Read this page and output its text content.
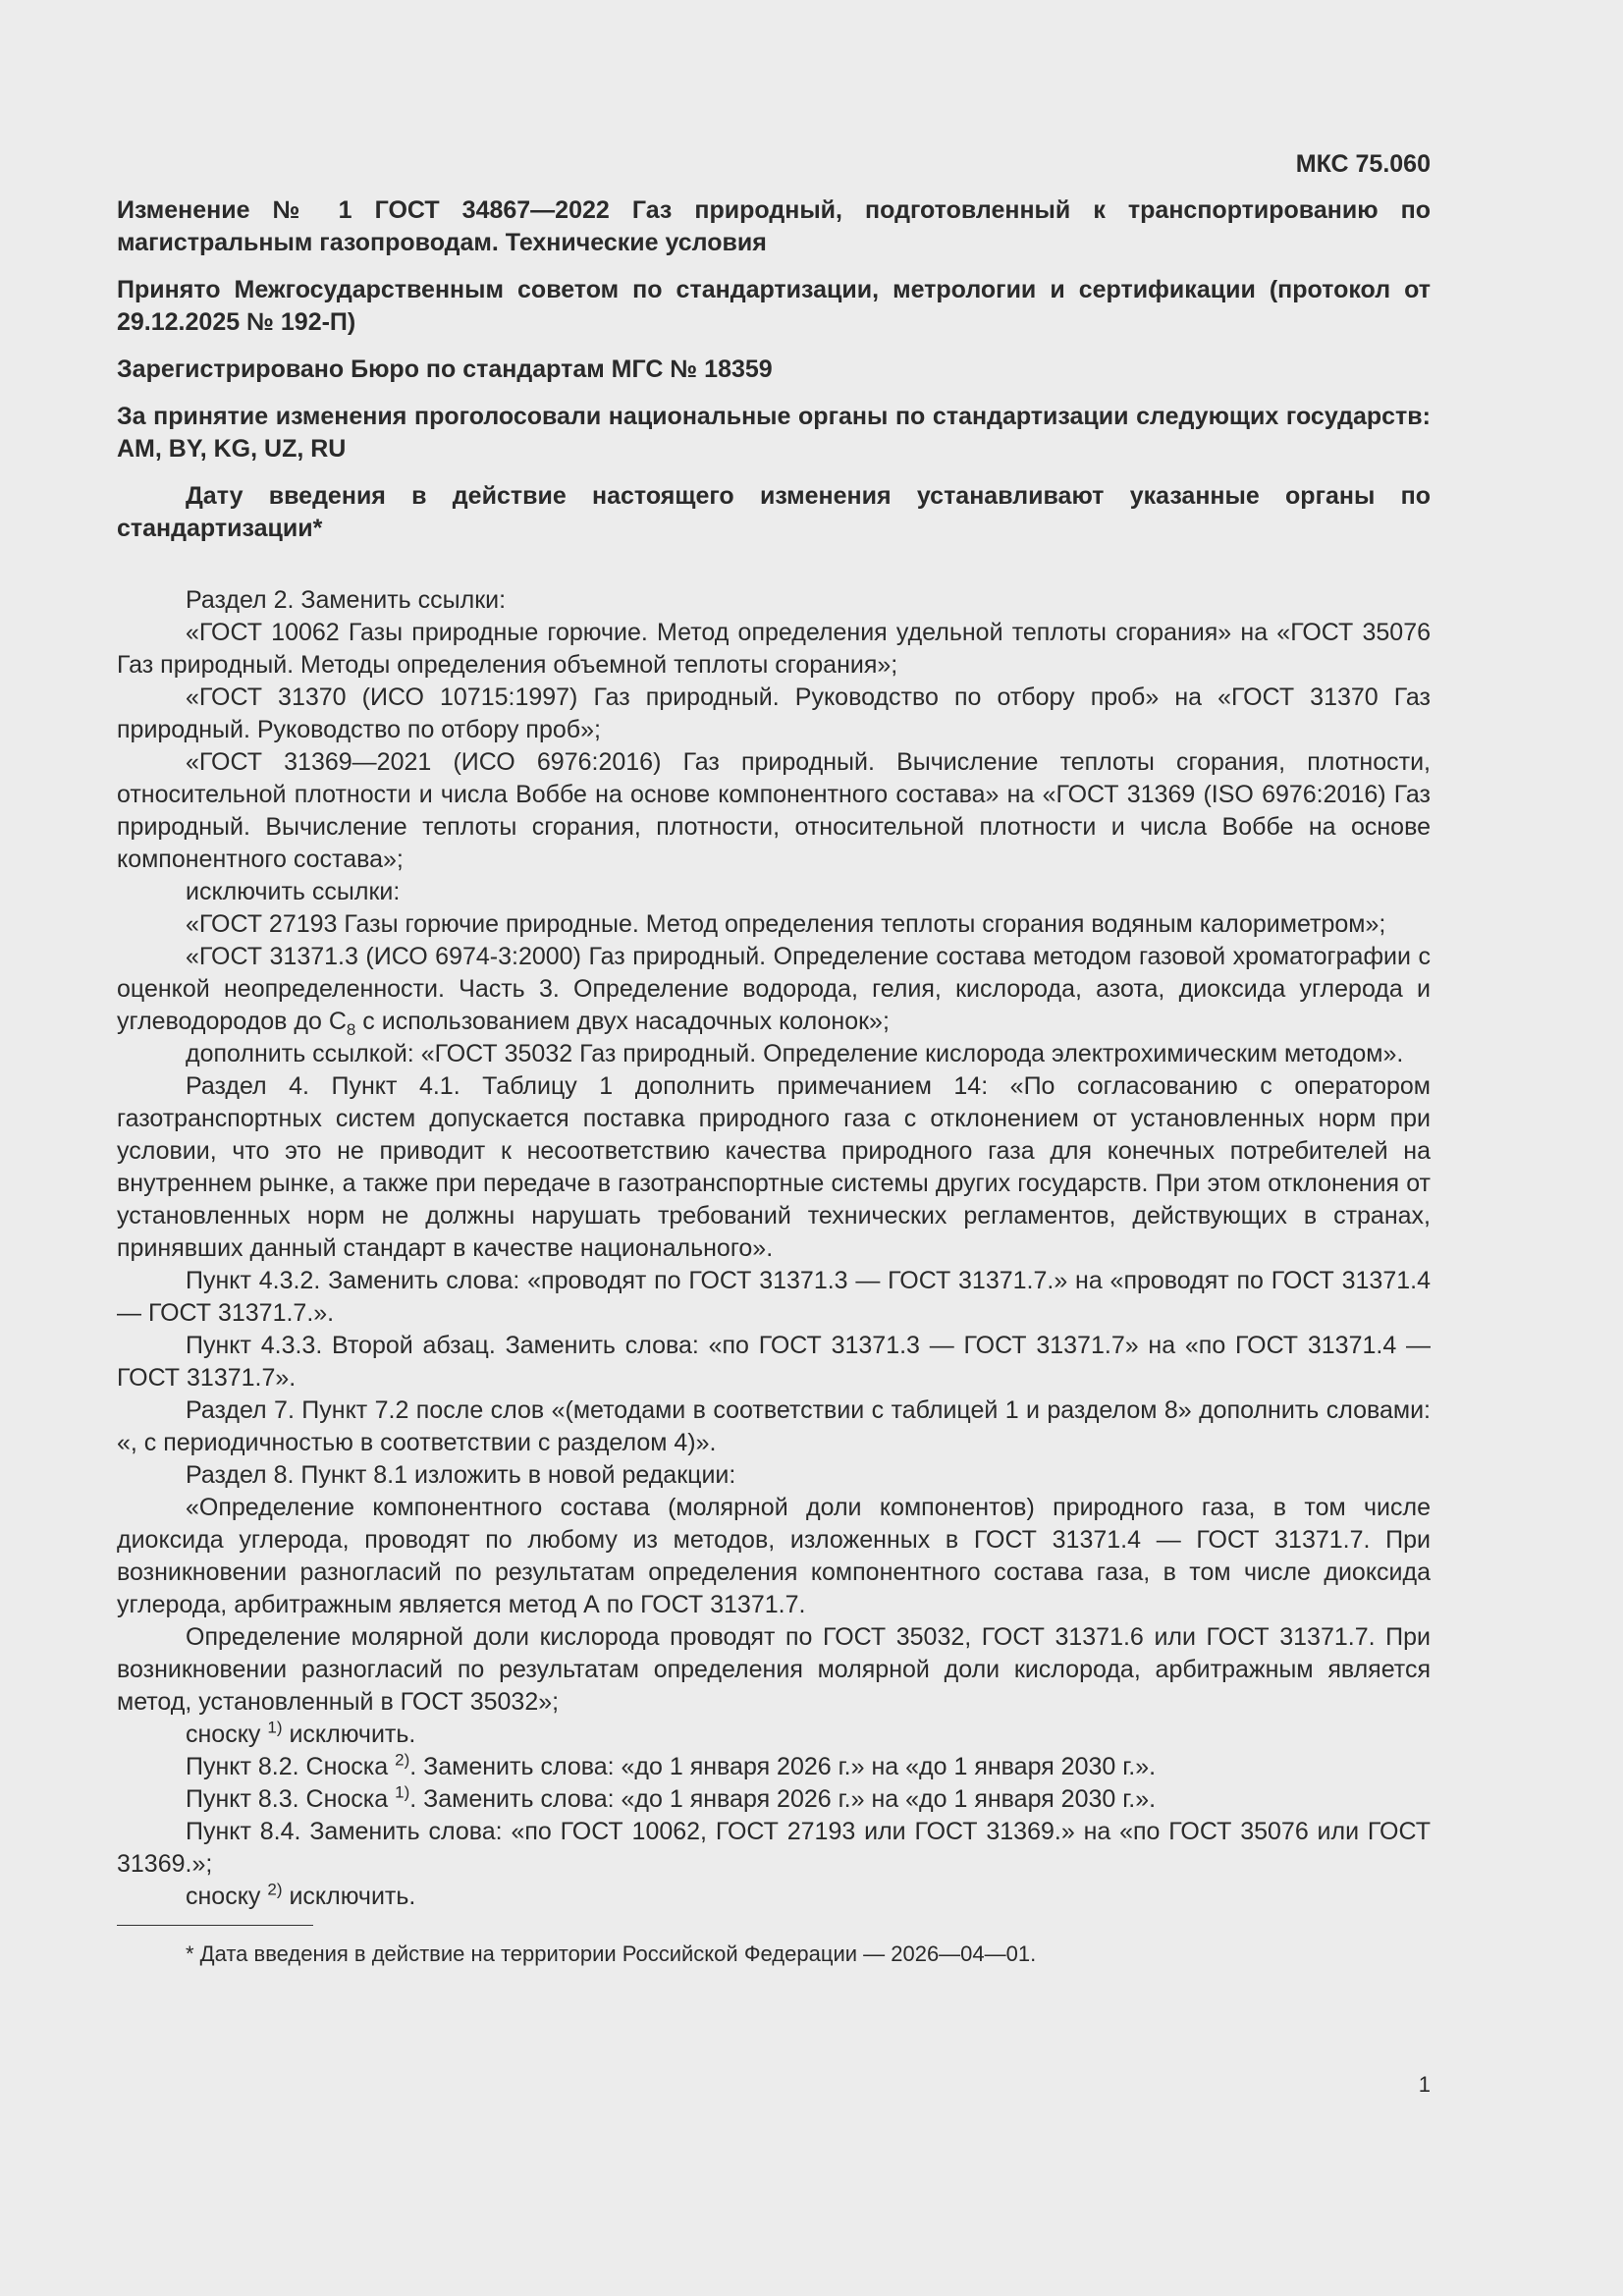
МКС 75.060

Изменение № 1 ГОСТ 34867—2022 Газ природный, подготовленный к транспортированию по магистральным газопроводам. Технические условия

Принято Межгосударственным советом по стандартизации, метрологии и сертификации (протокол от 29.12.2025 № 192-П)

Зарегистрировано Бюро по стандартам МГС № 18359

За принятие изменения проголосовали национальные органы по стандартизации следующих государств: AM, BY, KG, UZ, RU

Дату введения в действие настоящего изменения устанавливают указанные органы по стандартизации*

Раздел 2. Заменить ссылки:

«ГОСТ 10062 Газы природные горючие. Метод определения удельной теплоты сгорания» на «ГОСТ 35076 Газ природный. Методы определения объемной теплоты сгорания»;

«ГОСТ 31370 (ИСО 10715:1997) Газ природный. Руководство по отбору проб» на «ГОСТ 31370 Газ природный. Руководство по отбору проб»;

«ГОСТ 31369—2021 (ИСО 6976:2016) Газ природный. Вычисление теплоты сгорания, плотности, относительной плотности и числа Воббе на основе компонентного состава» на «ГОСТ 31369 (ISO 6976:2016) Газ природный. Вычисление теплоты сгорания, плотности, относительной плотности и числа Воббе на основе компонентного состава»;

исключить ссылки:

«ГОСТ 27193 Газы горючие природные. Метод определения теплоты сгорания водяным калориметром»;

«ГОСТ 31371.3 (ИСО 6974-3:2000) Газ природный. Определение состава методом газовой хроматографии с оценкой неопределенности. Часть 3. Определение водорода, гелия, кислорода, азота, диоксида углерода и углеводородов до $С_8$ с использованием двух насадочных колонок»;

дополнить ссылкой: «ГОСТ 35032 Газ природный. Определение кислорода электрохимическим методом».

Раздел 4. Пункт 4.1. Таблицу 1 дополнить примечанием 14: «По согласованию с оператором газотранспортных систем допускается поставка природного газа с отклонением от установленных норм при условии, что это не приводит к несоответствию качества природного газа для конечных потребителей на внутреннем рынке, а также при передаче в газотранспортные системы других государств. При этом отклонения от установленных норм не должны нарушать требований технических регламентов, действующих в странах, принявших данный стандарт в качестве национального».

Пункт 4.3.2. Заменить слова: «проводят по ГОСТ 31371.3 — ГОСТ 31371.7.» на «проводят по ГОСТ 31371.4 — ГОСТ 31371.7.».

Пункт 4.3.3. Второй абзац. Заменить слова: «по ГОСТ 31371.3 — ГОСТ 31371.7» на «по ГОСТ 31371.4 — ГОСТ 31371.7».

Раздел 7. Пункт 7.2 после слов «(методами в соответствии с таблицей 1 и разделом 8» дополнить словами: «, с периодичностью в соответствии с разделом 4)».

Раздел 8. Пункт 8.1 изложить в новой редакции:

«Определение компонентного состава (молярной доли компонентов) природного газа, в том числе диоксида углерода, проводят по любому из методов, изложенных в ГОСТ 31371.4 — ГОСТ 31371.7. При возникновении разногласий по результатам определения компонентного состава газа, в том числе диоксида углерода, арбитражным является метод А по ГОСТ 31371.7.

Определение молярной доли кислорода проводят по ГОСТ 35032, ГОСТ 31371.6 или ГОСТ 31371.7. При возникновении разногласий по результатам определения молярной доли кислорода, арбитражным является метод, установленный в ГОСТ 35032»;

сноску $^{1)}$ исключить.

Пункт 8.2. Сноска $^{2)}$. Заменить слова: «до 1 января 2026 г.» на «до 1 января 2030 г.».

Пункт 8.3. Сноска $^{1)}$. Заменить слова: «до 1 января 2026 г.» на «до 1 января 2030 г.».

Пункт 8.4. Заменить слова: «по ГОСТ 10062, ГОСТ 27193 или ГОСТ 31369.» на «по ГОСТ 35076 или ГОСТ 31369.»;

сноску $^{2)}$ исключить.

* Дата введения в действие на территории Российской Федерации — 2026—04—01.
1
